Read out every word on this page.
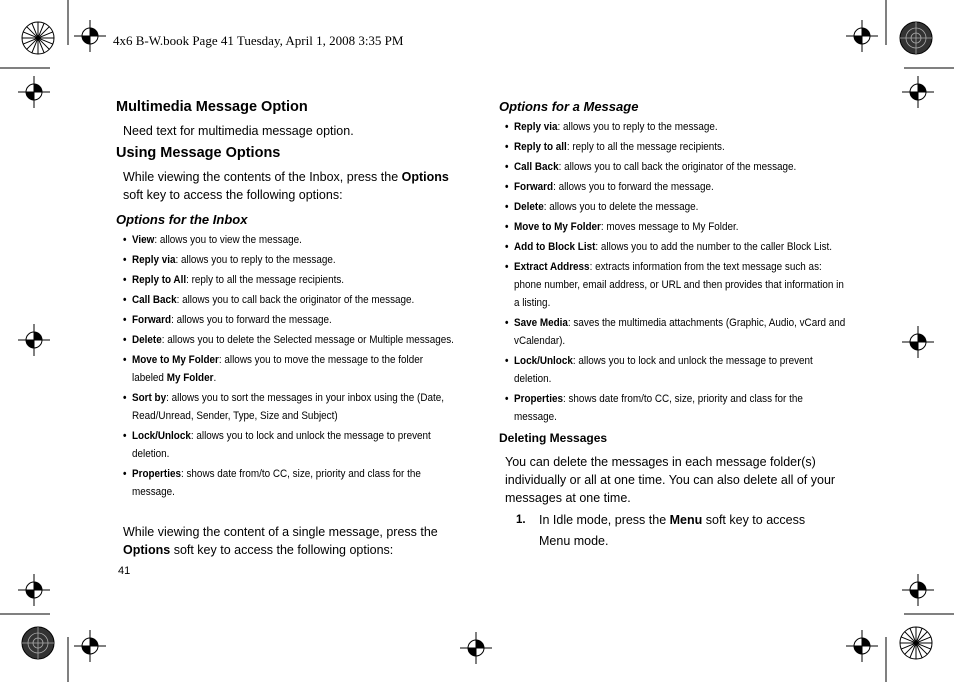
4x6 B-W.book Page 41 Tuesday, April 1, 2008 3:35 PM
Multimedia Message Option
Need text for multimedia message option.
Using Message Options
While viewing the contents of the Inbox, press the Options soft key to access the following options:
Options for the Inbox
• View: allows you to view the message.
• Reply via: allows you to reply to the message.
• Reply to All: reply to all the message recipients.
• Call Back: allows you to call back the originator of the message.
• Forward: allows you to forward the message.
• Delete: allows you to delete the Selected message or Multiple messages.
• Move to My Folder: allows you to move the message to the folder labeled My Folder.
• Sort by: allows you to sort the messages in your inbox using the (Date, Read/Unread, Sender, Type, Size and Subject)
• Lock/Unlock: allows you to lock and unlock the message to prevent deletion.
• Properties: shows date from/to CC, size, priority and class for the message.
While viewing the content of a single message, press the Options soft key to access the following options:
41
Options for a Message
• Reply via: allows you to reply to the message.
• Reply to all: reply to all the message recipients.
• Call Back: allows you to call back the originator of the message.
• Forward: allows you to forward the message.
• Delete: allows you to delete the message.
• Move to My Folder: moves message to My Folder.
• Add to Block List: allows you to add the number to the caller Block List.
• Extract Address: extracts information from the text message such as: phone number, email address, or URL and then provides that information in a listing.
• Save Media: saves the multimedia attachments (Graphic, Audio, vCard and vCalendar).
• Lock/Unlock: allows you to lock and unlock the message to prevent deletion.
• Properties: shows date from/to CC, size, priority and class for the message.
Deleting Messages
You can delete the messages in each message folder(s) individually or all at one time. You can also delete all of your messages at one time.
1. In Idle mode, press the Menu soft key to access Menu mode.
